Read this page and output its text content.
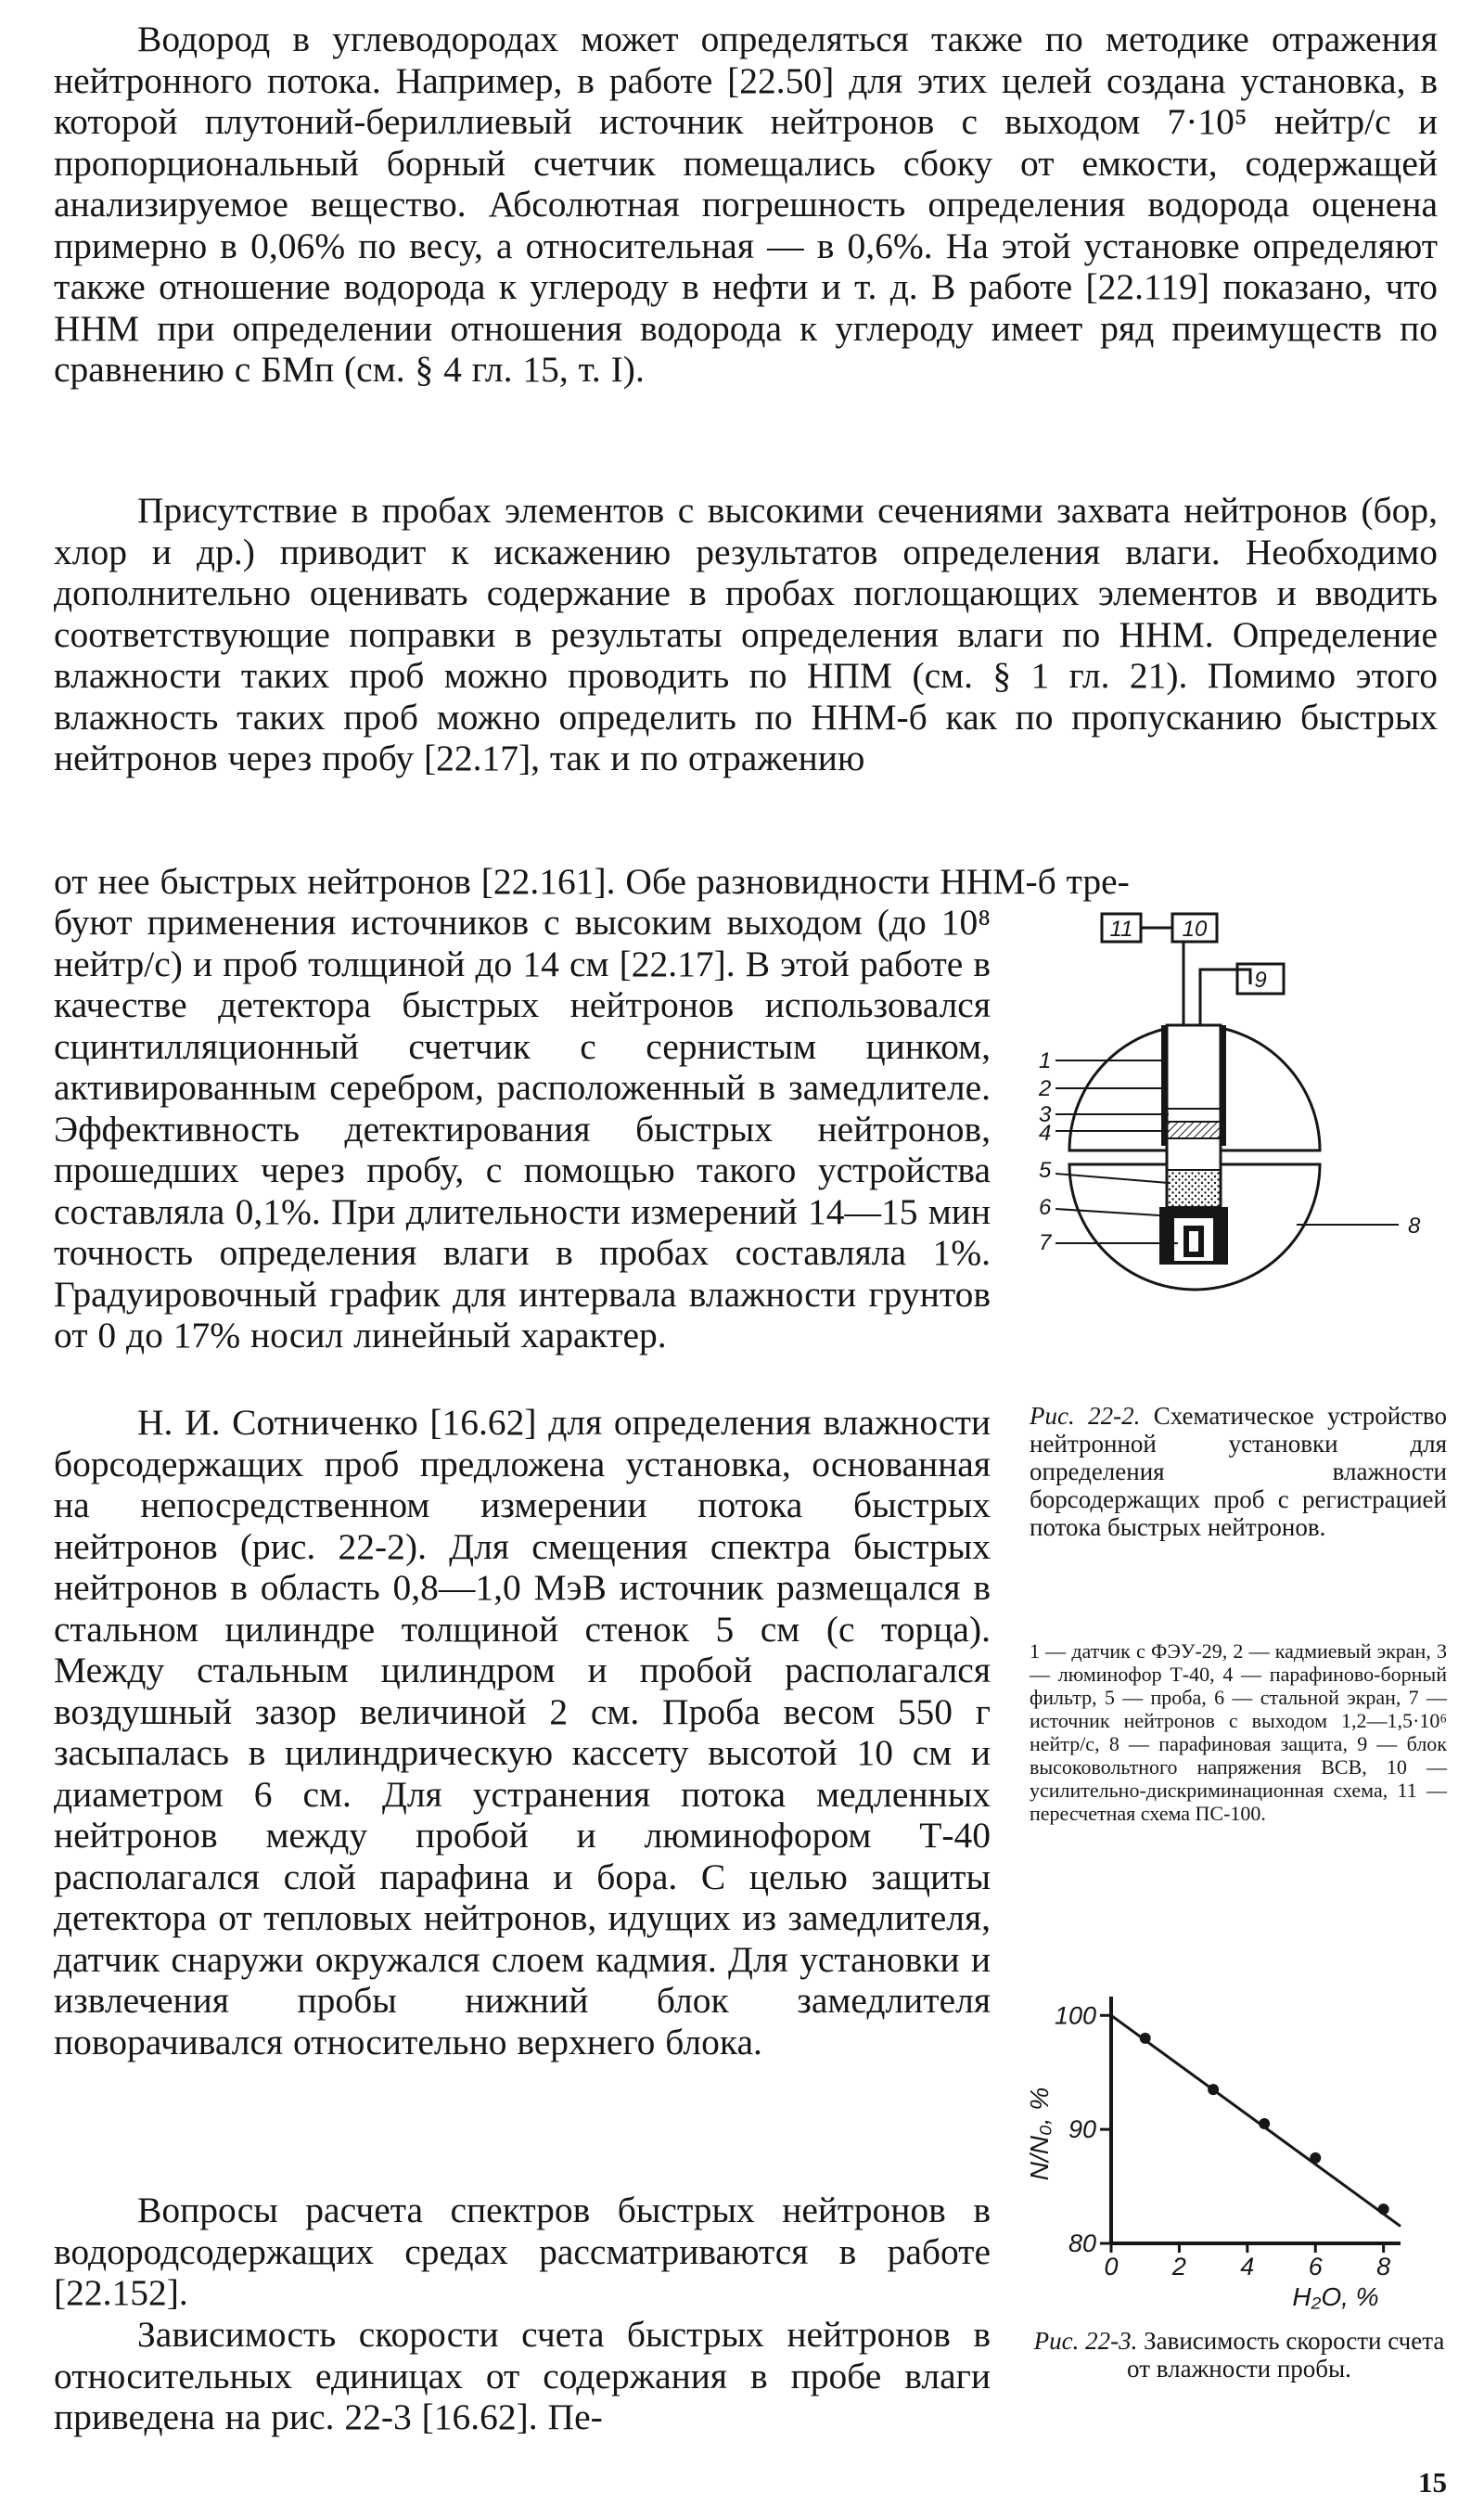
Водород в углеводородах может определяться также по методике отражения нейтронного потока. Например, в работе [22.50] для этих целей создана установка, в которой плутоний-бериллиевый источник нейтронов с выходом 7·10⁵ нейтр/с и пропорциональный борный счетчик помещались сбоку от емкости, содержащей анализируемое вещество. Абсолютная погрешность определения водорода оценена примерно в 0,06% по весу, а относительная — в 0,6%. На этой установке определяют также отношение водорода к углероду в нефти и т. д. В работе [22.119] показано, что ННМ при определении отношения водорода к углероду имеет ряд преимуществ по сравнению с БМп (см. § 4 гл. 15, т. I).

Присутствие в пробах элементов с высокими сечениями захвата нейтронов (бор, хлор и др.) приводит к искажению результатов определения влаги. Необходимо дополнительно оценивать содержание в пробах поглощающих элементов и вводить соответствующие поправки в результаты определения влаги по ННМ. Определение влажности таких проб можно проводить по НПМ (см. § 1 гл. 21). Помимо этого влажность таких проб можно определить по ННМ-б как по пропусканию быстрых нейтронов через пробу [22.17], так и по отражению

от нее быстрых нейтронов [22.161]. Обе разновидности ННМ-б тре-

буют применения источников с высоким выходом (до 10⁸ нейтр/с) и проб толщиной до 14 см [22.17]. В этой работе в качестве детектора быстрых нейтронов использовался сцинтилляционный счетчик с сернистым цинком, активированным серебром, расположенный в замедлителе. Эффективность детектирования быстрых нейтронов, прошедших через пробу, с помощью такого устройства составляла 0,1%. При длительности измерений 14—15 мин точность определения влаги в пробах составляла 1%. Градуировочный график для интервала влажности грунтов от 0 до 17% носил линейный характер.

Н. И. Сотниченко [16.62] для определения влажности борсодержащих проб предложена установка, основанная на непосредственном измерении потока быстрых нейтронов (рис. 22-2). Для смещения спектра быстрых нейтронов в область 0,8—1,0 МэВ источник размещался в стальном цилиндре толщиной стенок 5 см (с торца). Между стальным цилиндром и пробой располагался воздушный зазор величиной 2 см. Проба весом 550 г засыпалась в цилиндрическую кассету высотой 10 см и диаметром 6 см. Для устранения потока медленных нейтронов между пробой и люминофором Т-40 располагался слой парафина и бора. С целью защиты детектора от тепловых нейтронов, идущих из замедлителя, датчик снаружи окружался слоем кадмия. Для установки и извлечения пробы нижний блок замедлителя поворачивался относительно верхнего блока.

Вопросы расчета спектров быстрых нейтронов в водородсодержащих средах рассматриваются в работе [22.152].

Зависимость скорости счета быстрых нейтронов в относительных единицах от содержания в пробе влаги приведена на рис. 22-3 [16.62]. Пе-

11 10
9
1
2
3
4
5
6
7
8

Рис. 22-2. Схематическое устройство нейтронной установки для определения влажности борсодержащих проб с регистрацией потока быстрых нейтронов.

1 — датчик с ФЭУ-29, 2 — кадмиевый экран, 3 — люминофор Т-40, 4 — парафиново-борный фильтр, 5 — проба, 6 — стальной экран, 7 — источник нейтронов с выходом 1,2—1,5·10⁶ нейтр/с, 8 — парафиновая защита, 9 — блок высоковольтного напряжения ВСВ, 10 — усилительно-дискриминационная схема, 11 — пересчетная схема ПС-100.

80
90
100
0 2 4 6 8
N/N₀, %
H₂O, %

Рис. 22-3. Зависимость скорости счета от влажности пробы.

15
